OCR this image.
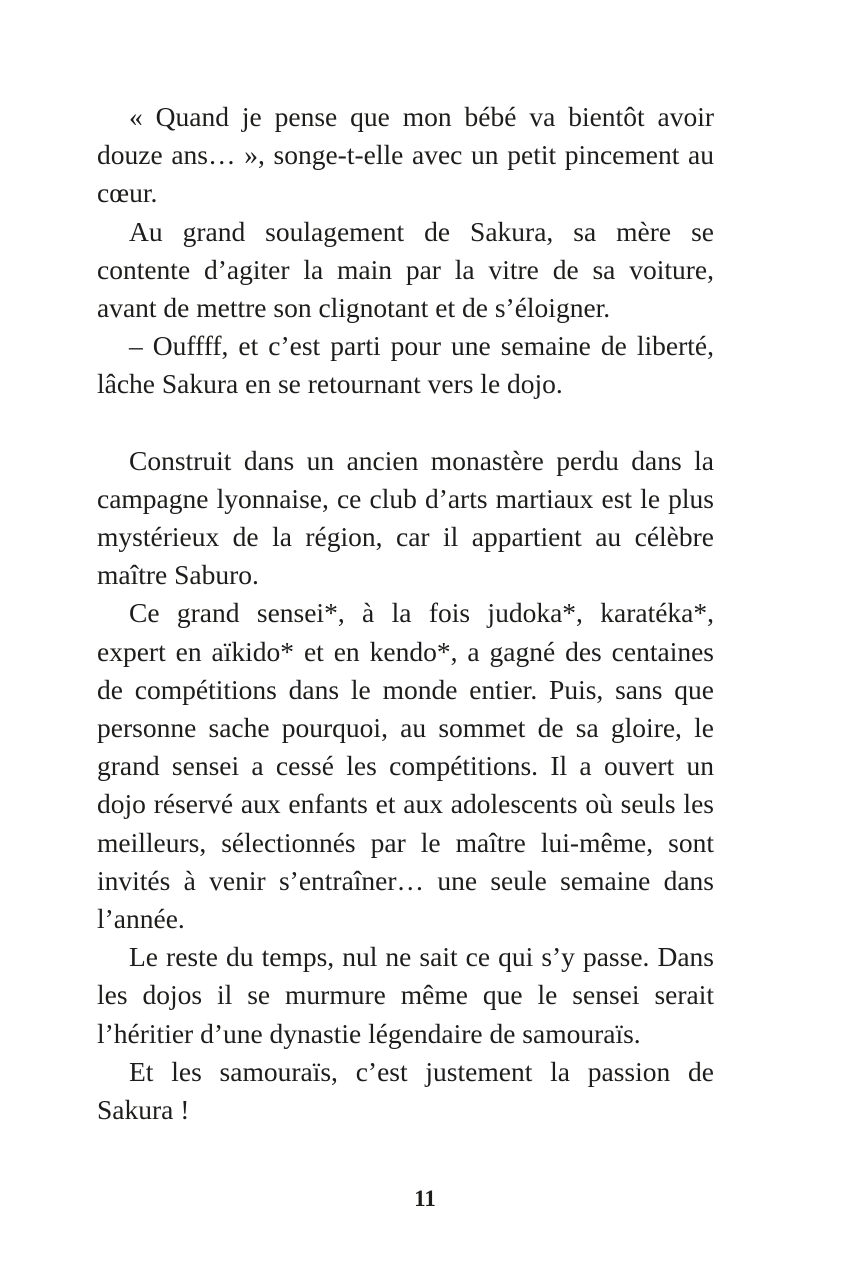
« Quand je pense que mon bébé va bientôt avoir douze ans… », songe-t-elle avec un petit pincement au cœur.

Au grand soulagement de Sakura, sa mère se contente d’agiter la main par la vitre de sa voiture, avant de mettre son clignotant et de s’éloigner.

– Ouffff, et c’est parti pour une semaine de liberté, lâche Sakura en se retournant vers le dojo.

Construit dans un ancien monastère perdu dans la campagne lyonnaise, ce club d’arts martiaux est le plus mystérieux de la région, car il appartient au célèbre maître Saburo.

Ce grand sensei*, à la fois judoka*, karatéka*, expert en aïkido* et en kendo*, a gagné des centaines de compétitions dans le monde entier. Puis, sans que personne sache pourquoi, au sommet de sa gloire, le grand sensei a cessé les compétitions. Il a ouvert un dojo réservé aux enfants et aux adolescents où seuls les meilleurs, sélectionnés par le maître lui-même, sont invités à venir s’entraîner… une seule semaine dans l’année.

Le reste du temps, nul ne sait ce qui s’y passe. Dans les dojos il se murmure même que le sensei serait l’héritier d’une dynastie légendaire de samouraïs.

Et les samouraïs, c’est justement la passion de Sakura !

11
